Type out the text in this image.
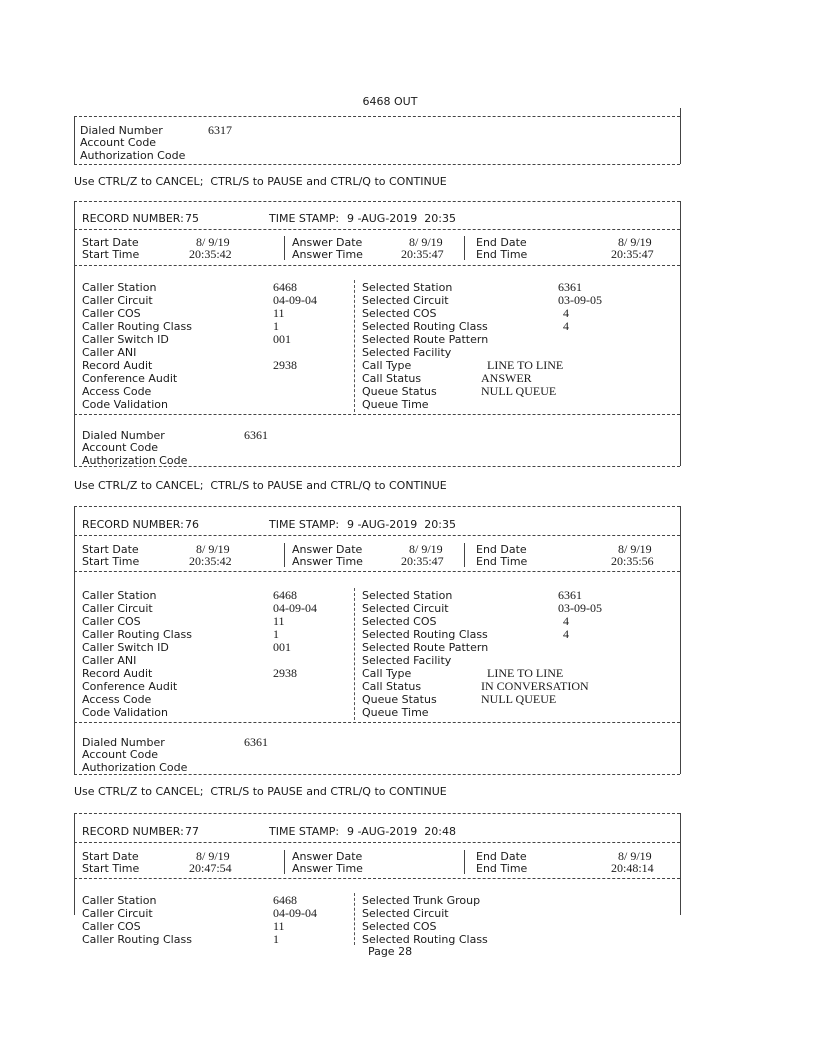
6468 OUT
Dialed Number	6317
Account Code
Authorization Code
Use CTRL/Z to CANCEL;  CTRL/S to PAUSE and CTRL/Q to CONTINUE
RECORD NUMBER: 75	TIME STAMP: 9 -AUG-2019  20:35
Start Date	8/ 9/19
Start Time	20:35:42
Answer Date	8/ 9/19
Answer Time	20:35:47
End Date	8/ 9/19
End Time	20:35:47
Caller Station	6468
Caller Circuit	04-09-04
Caller COS	11
Caller Routing Class	1
Caller Switch ID	001
Caller ANI
Record Audit	2938
Conference Audit
Access Code
Code Validation
Selected Station	6361
Selected Circuit	03-09-05
Selected COS	4
Selected Routing Class	4
Selected Route Pattern
Selected Facility
Call Type	LINE TO LINE
Call Status	ANSWER
Queue Status	NULL QUEUE
Queue Time
Dialed Number	6361
Account Code
Authorization Code
Use CTRL/Z to CANCEL;  CTRL/S to PAUSE and CTRL/Q to CONTINUE
RECORD NUMBER: 76	TIME STAMP: 9 -AUG-2019  20:35
Start Date	8/ 9/19
Start Time	20:35:42
Answer Date	8/ 9/19
Answer Time	20:35:47
End Date	8/ 9/19
End Time	20:35:56
Caller Station	6468
Caller Circuit	04-09-04
Caller COS	11
Caller Routing Class	1
Caller Switch ID	001
Caller ANI
Record Audit	2938
Conference Audit
Access Code
Code Validation
Selected Station	6361
Selected Circuit	03-09-05
Selected COS	4
Selected Routing Class	4
Selected Route Pattern
Selected Facility
Call Type	LINE TO LINE
Call Status	IN CONVERSATION
Queue Status	NULL QUEUE
Queue Time
Dialed Number	6361
Account Code
Authorization Code
Use CTRL/Z to CANCEL;  CTRL/S to PAUSE and CTRL/Q to CONTINUE
RECORD NUMBER: 77	TIME STAMP: 9 -AUG-2019  20:48
Start Date	8/ 9/19
Start Time	20:47:54
Answer Date
Answer Time
End Date	8/ 9/19
End Time	20:48:14
Caller Station	6468
Caller Circuit	04-09-04
Caller COS	11
Caller Routing Class	1
Selected Trunk Group
Selected Circuit
Selected COS
Selected Routing Class
Page 28
